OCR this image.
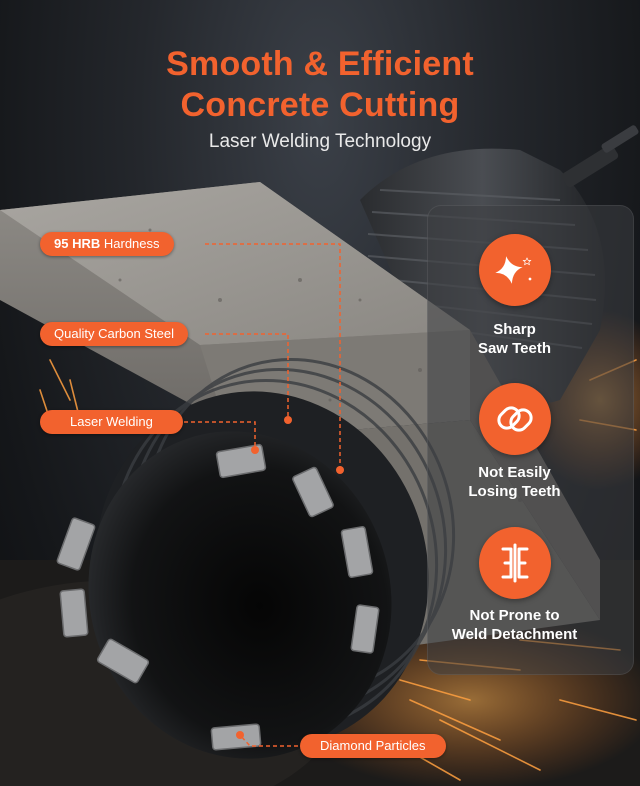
Smooth & Efficient
Concrete Cutting
Laser Welding Technology
95 HRB Hardness
Quality Carbon Steel
Laser Welding
Diamond Particles
Sharp
Saw Teeth
Not Easily
Losing Teeth
Not Prone to
Weld Detachment
